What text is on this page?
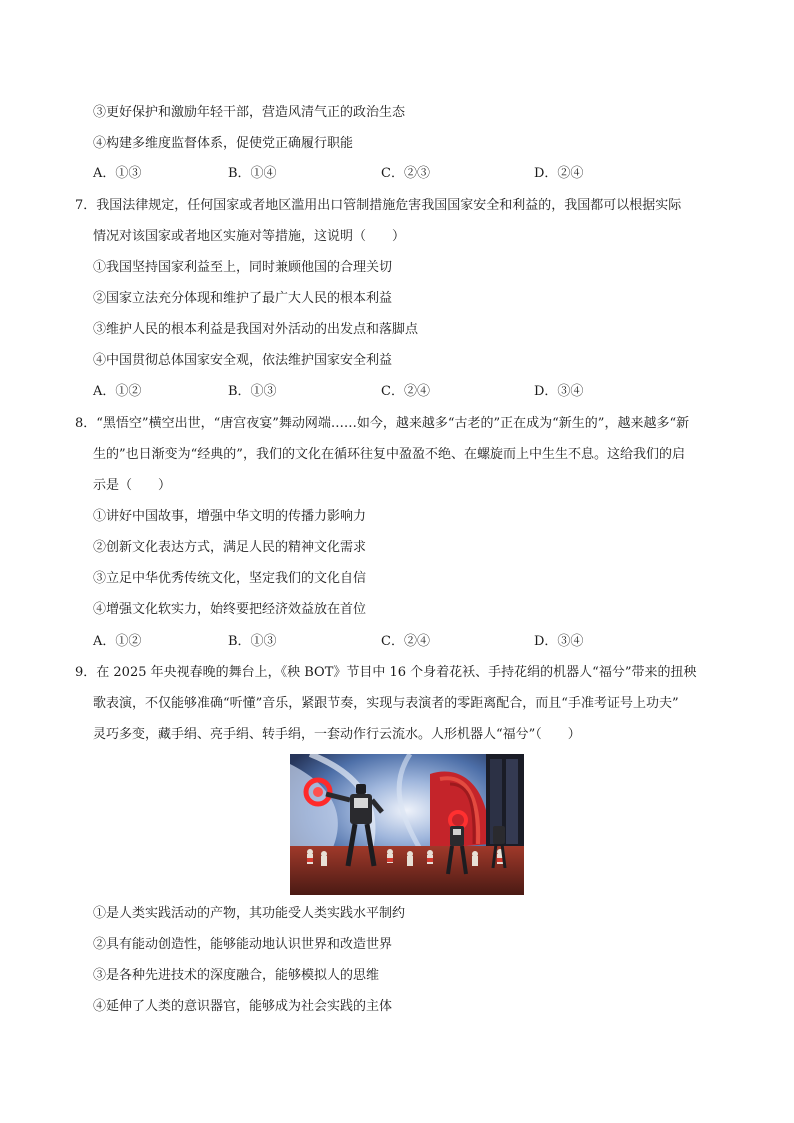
③更好保护和激励年轻干部，营造风清气正的政治生态
④构建多维度监督体系，促使党正确履行职能
A．①③	B．①④	C．②③	D．②④
7．我国法律规定，任何国家或者地区滥用出口管制措施危害我国国家安全和利益的，我国都可以根据实际
情况对该国家或者地区实施对等措施，这说明（　　）
①我国坚持国家利益至上，同时兼顾他国的合理关切
②国家立法充分体现和维护了最广大人民的根本利益
③维护人民的根本利益是我国对外活动的出发点和落脚点
④中国贯彻总体国家安全观，依法维护国家安全利益
A．①②	B．①③	C．②④	D．③④
8．“黑悟空”横空出世，“唐宫夜宴”舞动网端……如今，越来越多“古老的”正在成为“新生的”，越来越多“新
生的”也日渐变为“经典的”，我们的文化在循环往复中盈盈不绝、在螺旋而上中生生不息。这给我们的启
示是（　　）
①讲好中国故事，增强中华文明的传播力影响力
②创新文化表达方式，满足人民的精神文化需求
③立足中华优秀传统文化，坚定我们的文化自信
④增强文化软实力，始终要把经济效益放在首位
A．①②	B．①③	C．②④	D．③④
9．在 2025 年央视春晚的舞台上，《秧 BOT》节目中 16 个身着花袄、手持花绢的机器人“福兮”带来的扭秧
歌表演，不仅能够准确“听懂”音乐，紧跟节奏，实现与表演者的零距离配合，而且“手准考证号上功夫”
灵巧多变，藏手绢、亮手绢、转手绢，一套动作行云流水。人形机器人“福兮”（　　）
①是人类实践活动的产物，其功能受人类实践水平制约
②具有能动创造性，能够能动地认识世界和改造世界
③是各种先进技术的深度融合，能够模拟人的思维
④延伸了人类的意识器官，能够成为社会实践的主体
